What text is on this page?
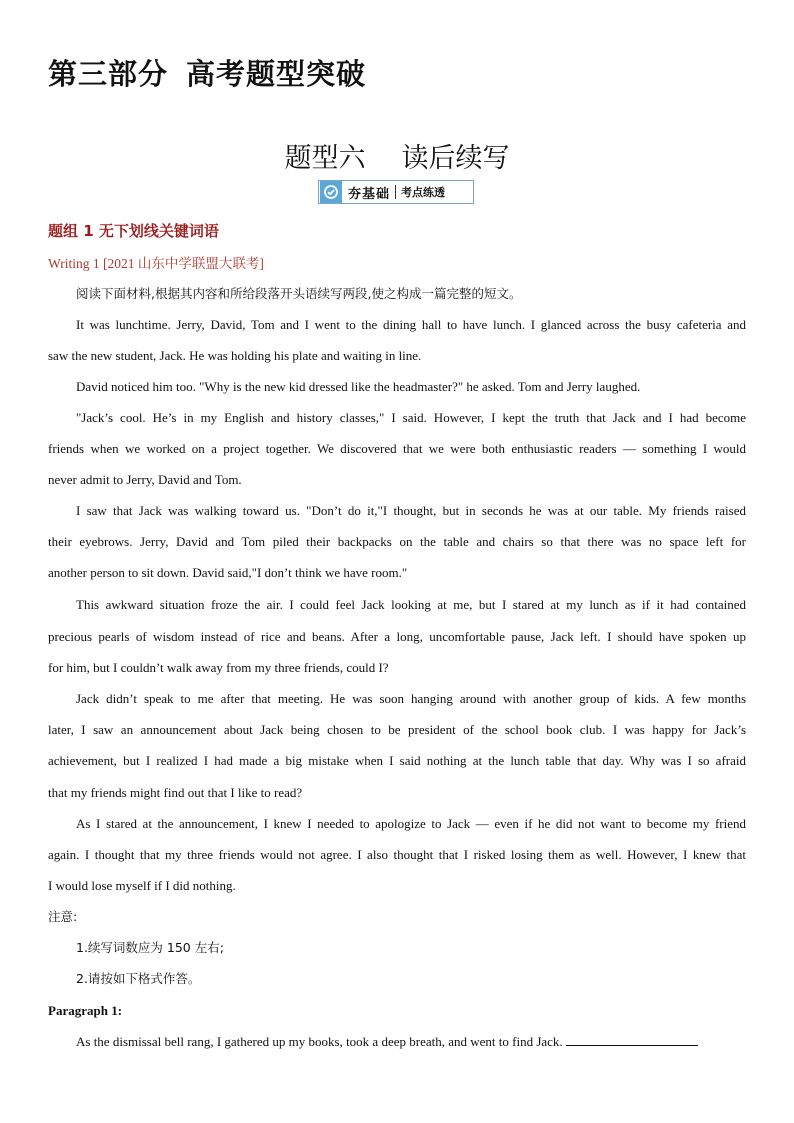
第三部分 高考题型突破
题型六 读后续写
夯基础 考点练透
题组 1 无下划线关键词语
Writing 1 [2021 山东中学联盟大联考]
阅读下面材料,根据其内容和所给段落开头语续写两段,使之构成一篇完整的短文。
It was lunchtime. Jerry, David, Tom and I went to the dining hall to have lunch. I glanced across the busy cafeteria and
saw the new student, Jack. He was holding his plate and waiting in line.
David noticed him too. "Why is the new kid dressed like the headmaster?" he asked. Tom and Jerry laughed.
"Jack’s cool. He’s in my English and history classes," I said. However, I kept the truth that Jack and I had become
friends when we worked on a project together. We discovered that we were both enthusiastic readers — something I would
never admit to Jerry, David and Tom.
I saw that Jack was walking toward us. "Don’t do it,"I thought, but in seconds he was at our table. My friends raised
their eyebrows. Jerry, David and Tom piled their backpacks on the table and chairs so that there was no space left for
another person to sit down. David said,"I don’t think we have room."
This awkward situation froze the air. I could feel Jack looking at me, but I stared at my lunch as if it had contained
precious pearls of wisdom instead of rice and beans. After a long, uncomfortable pause, Jack left. I should have spoken up
for him, but I couldn’t walk away from my three friends, could I?
Jack didn’t speak to me after that meeting. He was soon hanging around with another group of kids. A few months
later, I saw an announcement about Jack being chosen to be president of the school book club. I was happy for Jack’s
achievement, but I realized I had made a big mistake when I said nothing at the lunch table that day. Why was I so afraid
that my friends might find out that I like to read?
As I stared at the announcement, I knew I needed to apologize to Jack — even if he did not want to become my friend
again. I thought that my three friends would not agree. I also thought that I risked losing them as well. However, I knew that
I would lose myself if I did nothing.
注意:
1.续写词数应为 150 左右;
2.请按如下格式作答。
Paragraph 1:
As the dismissal bell rang, I gathered up my books, took a deep breath, and went to find Jack.
